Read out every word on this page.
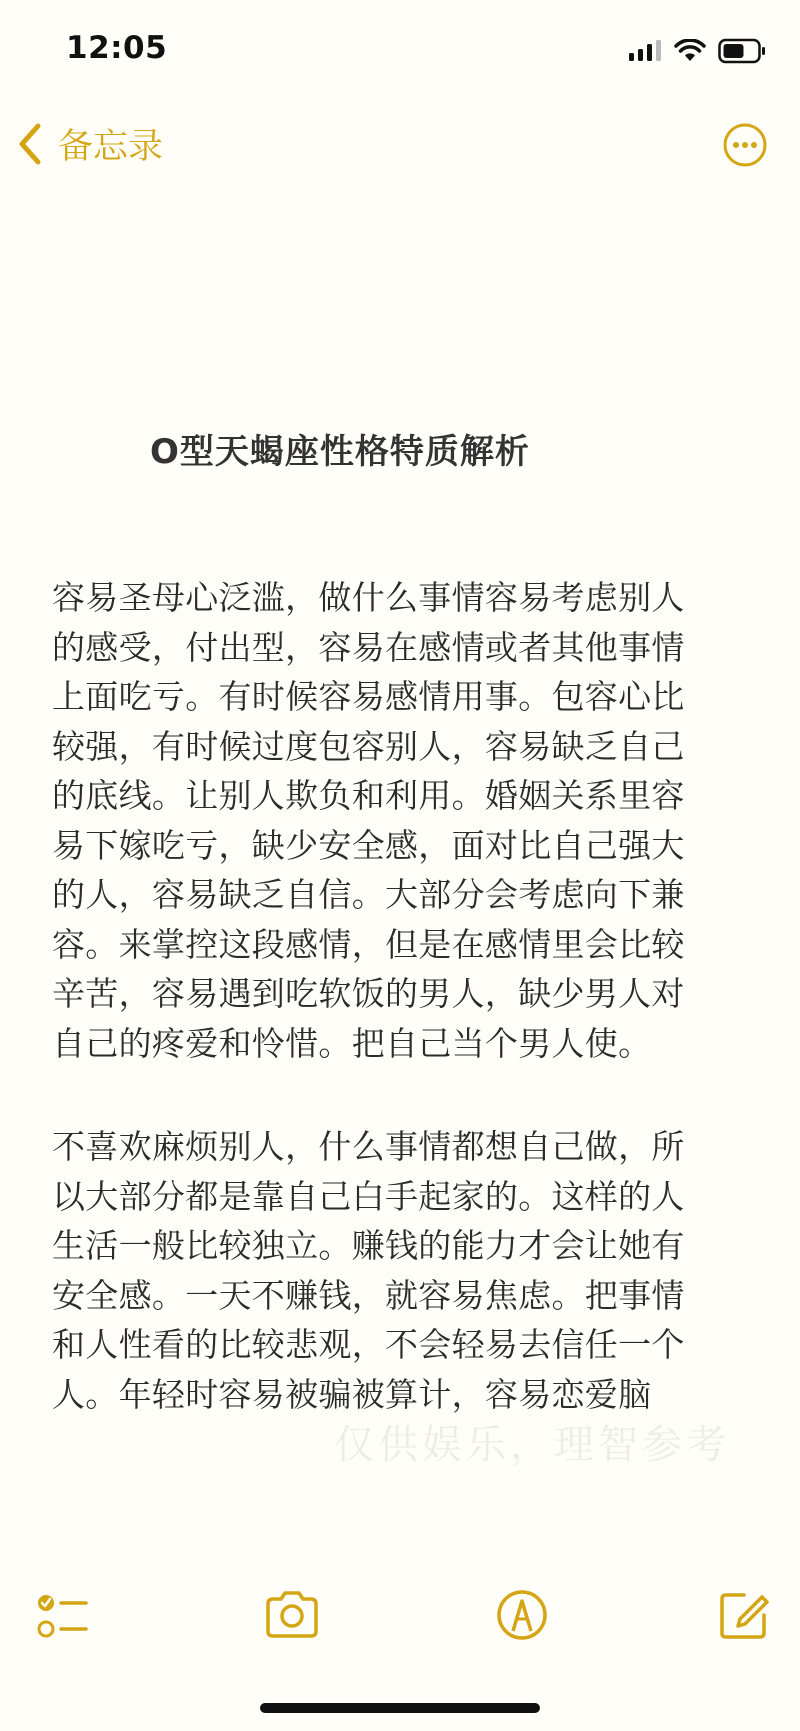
12:05
备忘录
O型天蝎座性格特质解析
容易圣母心泛滥，做什么事情容易考虑别人
的感受，付出型，容易在感情或者其他事情
上面吃亏。有时候容易感情用事。包容心比
较强，有时候过度包容别人，容易缺乏自己
的底线。让别人欺负和利用。婚姻关系里容
易下嫁吃亏，缺少安全感，面对比自己强大
的人，容易缺乏自信。大部分会考虑向下兼
容。来掌控这段感情，但是在感情里会比较
辛苦，容易遇到吃软饭的男人，缺少男人对
自己的疼爱和怜惜。把自己当个男人使。
不喜欢麻烦别人，什么事情都想自己做，所
以大部分都是靠自己白手起家的。这样的人
生活一般比较独立。赚钱的能力才会让她有
安全感。一天不赚钱，就容易焦虑。把事情
和人性看的比较悲观，不会轻易去信任一个
人。年轻时容易被骗被算计，容易恋爱脑
仅供娱乐，理智参考
